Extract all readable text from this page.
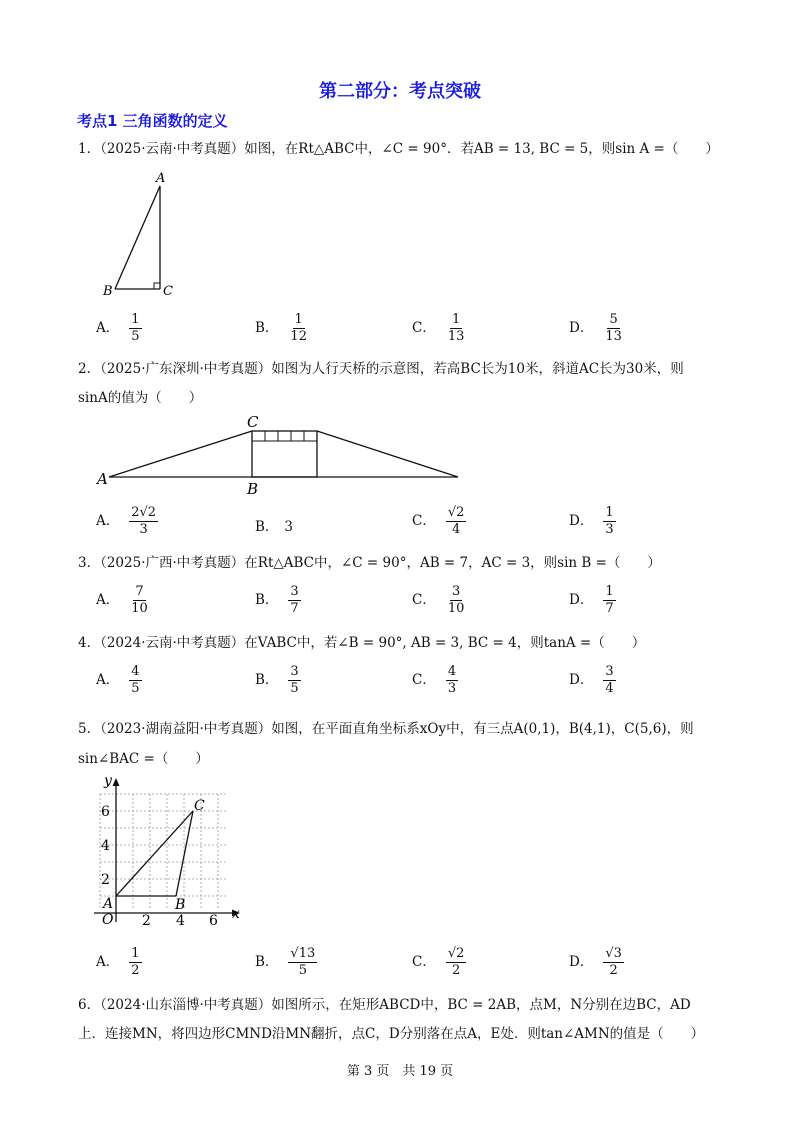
第二部分：考点突破
考点1 三角函数的定义
1．（2025·云南·中考真题）如图，在Rt△ABC中，∠C = 90°．若AB = 13, BC = 5，则sin A =（　　）
A
B	C
A． $\frac{1}{5}$	B． $\frac{1}{12}$	C． $\frac{1}{13}$	D． $\frac{5}{13}$
2．（2025·广东深圳·中考真题）如图为人行天桥的示意图，若高BC长为10米，斜道AC长为30米，则
sinA的值为（　　）
C
A
B
A． $\frac{2√2}{3}$	B． 3	C． $\frac{√2}{4}$	D． $\frac{1}{3}$
3．（2025·广西·中考真题）在Rt△ABC中，∠C = 90°，AB = 7，AC = 3，则sin B =（　　）
A． $\frac{7}{10}$	B． $\frac{3}{7}$	C． $\frac{3}{10}$	D． $\frac{1}{7}$
4．（2024·云南·中考真题）在VABC中，若∠B = 90°, AB = 3, BC = 4，则tanA =（　　）
A． $\frac{4}{5}$	B． $\frac{3}{5}$	C． $\frac{4}{3}$	D． $\frac{3}{4}$
5．（2023·湖南益阳·中考真题）如图，在平面直角坐标系xOy中，有三点A(0,1)，B(4,1)，C(5,6)，则
sin∠BAC =（　　）
y
x
O
A	B
C
2 4 6
2
4
6
A． $\frac{1}{2}$	B． $\frac{√13}{5}$	C． $\frac{√2}{2}$	D． $\frac{√3}{2}$
6．（2024·山东淄博·中考真题）如图所示，在矩形ABCD中，BC = 2AB，点M，N分别在边BC，AD
上．连接MN，将四边形CMND沿MN翻折，点C，D分别落在点A，E处．则tan∠AMN的值是（　　）
第 3 页　共 19 页
